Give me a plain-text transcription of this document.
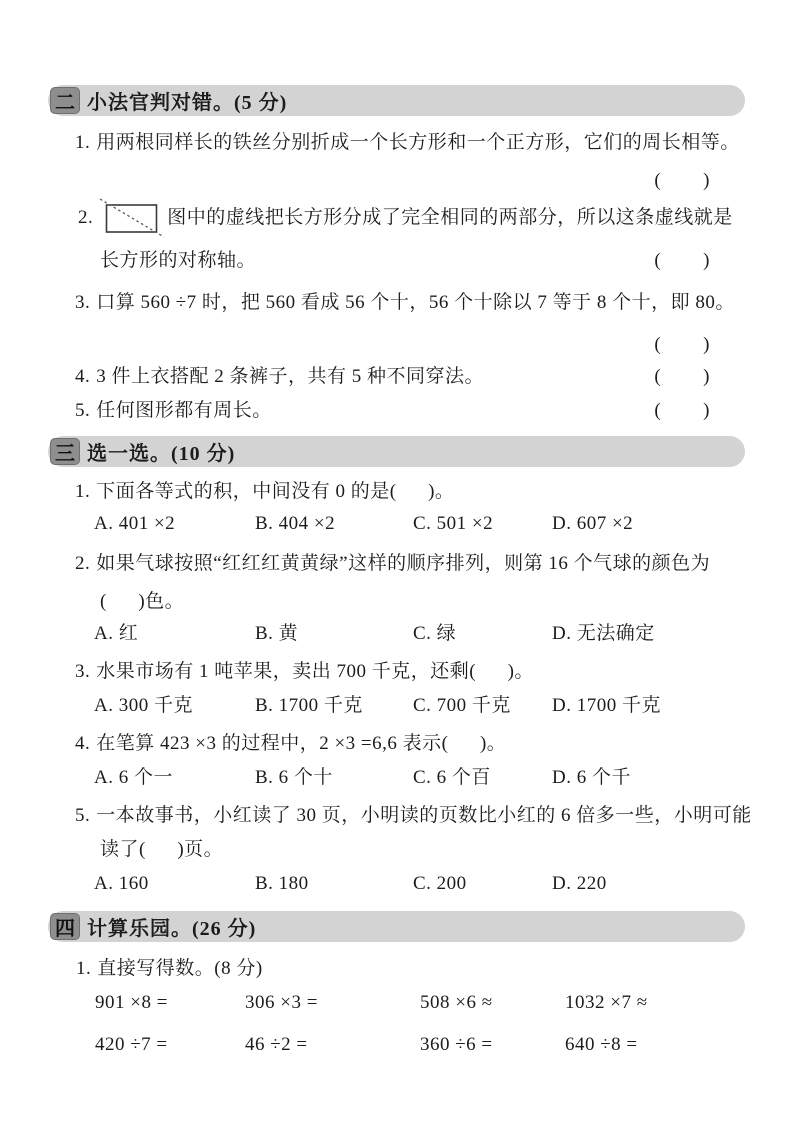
二 小法官判对错。(5 分)
1. 用两根同样长的铁丝分别折成一个长方形和一个正方形，它们的周长相等。
(        )
2.	图中的虚线把长方形分成了完全相同的两部分，所以这条虚线就是
长方形的对称轴。	(        )
3. 口算 560 ÷7 时，把 560 看成 56 个十，56 个十除以 7 等于 8 个十，即 80。
(        )
4. 3 件上衣搭配 2 条裤子，共有 5 种不同穿法。	(        )
5. 任何图形都有周长。	(        )
三 选一选。(10 分)
1. 下面各等式的积，中间没有 0 的是(      )。
A. 401 ×2	B. 404 ×2	C. 501 ×2	D. 607 ×2
2. 如果气球按照“红红红黄黄绿”这样的顺序排列，则第 16 个气球的颜色为
(      )色。
A. 红	B. 黄	C. 绿	D. 无法确定
3. 水果市场有 1 吨苹果，卖出 700 千克，还剩(      )。
A. 300 千克	B. 1700 千克	C. 700 千克	D. 1700 千克
4. 在笔算 423 ×3 的过程中，2 ×3 =6,6 表示(      )。
A. 6 个一	B. 6 个十	C. 6 个百	D. 6 个千
5. 一本故事书，小红读了 30 页，小明读的页数比小红的 6 倍多一些，小明可能
读了(      )页。
A. 160	B. 180	C. 200	D. 220
四 计算乐园。(26 分)
1. 直接写得数。(8 分)
901 ×8 =	306 ×3 =	508 ×6 ≈	1032 ×7 ≈
420 ÷7 =	46 ÷2 =	360 ÷6 =	640 ÷8 =
